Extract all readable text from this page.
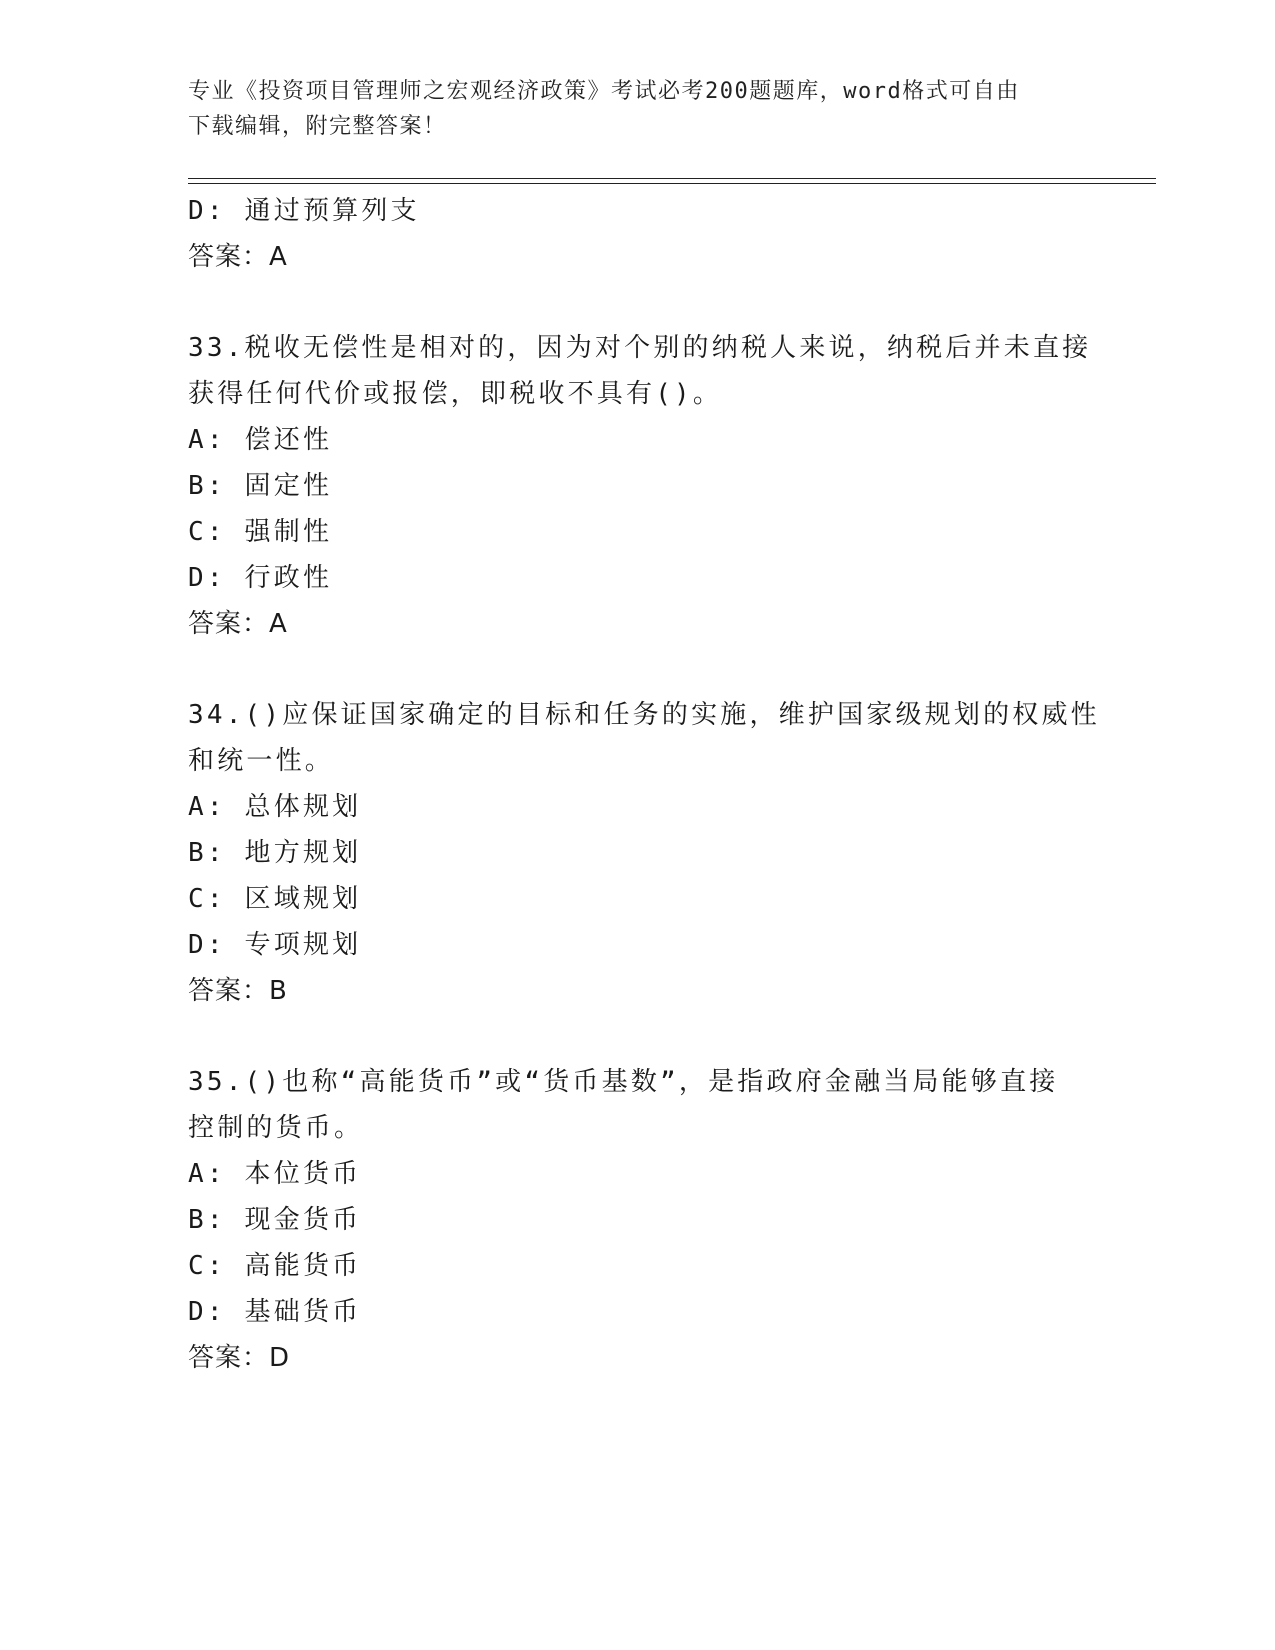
专业《投资项目管理师之宏观经济政策》考试必考200题题库，word格式可自由
下载编辑，附完整答案！
D: 通过预算列支
答案：A
33.税收无偿性是相对的，因为对个别的纳税人来说，纳税后并未直接
获得任何代价或报偿，即税收不具有()。
A: 偿还性
B: 固定性
C: 强制性
D: 行政性
答案：A
34.()应保证国家确定的目标和任务的实施，维护国家级规划的权威性
和统一性。
A: 总体规划
B: 地方规划
C: 区域规划
D: 专项规划
答案：B
35.()也称“高能货币”或“货币基数”，是指政府金融当局能够直接
控制的货币。
A: 本位货币
B: 现金货币
C: 高能货币
D: 基础货币
答案：D
